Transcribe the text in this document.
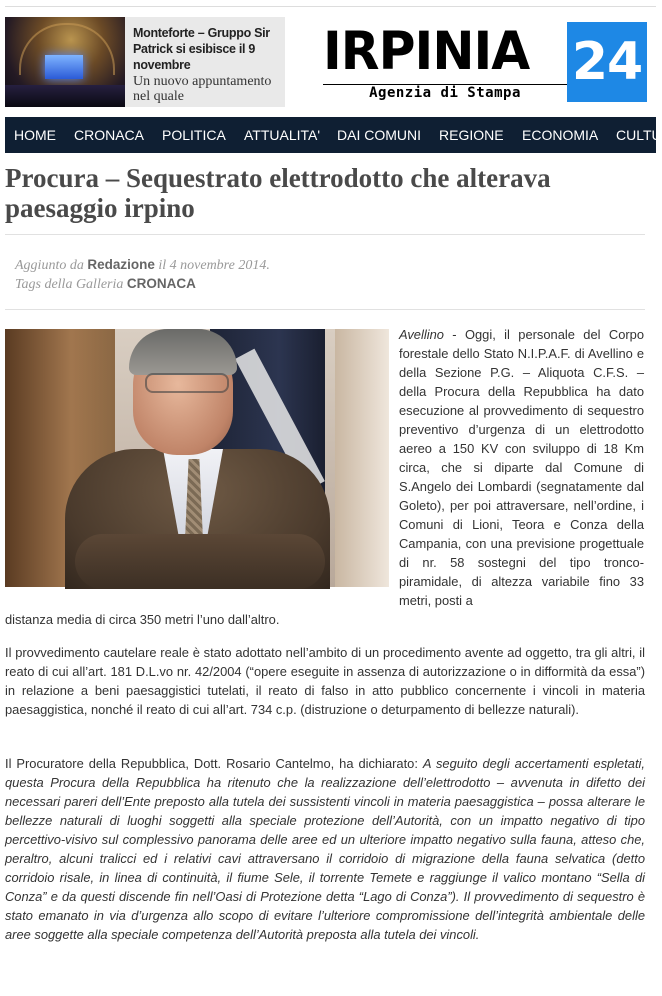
Monteforte – Gruppo Sir Patrick si esibisce il 9 novembre
Un nuovo appuntamento nel quale
IRPINIA 24
Agenzia di Stampa
HOME CRONACA POLITICA ATTUALITA' DAI COMUNI REGIONE ECONOMIA CULTU
Procura – Sequestrato elettrodotto che alterava paesaggio irpino
Aggiunto da Redazione il 4 novembre 2014.
Tags della Galleria CRONACA

Avellino - Oggi, il personale del Corpo forestale dello Stato N.I.P.A.F. di Avellino e della Sezione P.G. – Aliquota C.F.S. – della Procura della Repubblica ha dato esecuzione al provvedimento di sequestro preventivo d’urgenza di un elettrodotto aereo a 150 KV con sviluppo di 18 Km circa, che si diparte dal Comune di S.Angelo dei Lombardi (segnatamente dal Goleto), per poi attraversare, nell’ordine, i Comuni di Lioni, Teora e Conza della Campania, con una previsione progettuale di nr. 58 sostegni del tipo tronco-piramidale, di altezza variabile fino 33 metri, posti a

distanza media di circa 350 metri l’uno dall’altro.

Il provvedimento cautelare reale è stato adottato nell’ambito di un procedimento avente ad oggetto, tra gli altri, il reato di cui all’art. 181 D.L.vo nr. 42/2004 (“opere eseguite in assenza di autorizzazione o in difformità da essa”) in relazione a beni paesaggistici tutelati, il reato di falso in atto pubblico concernente i vincoli in materia paesaggistica, nonché il reato di cui all’art. 734 c.p. (distruzione o deturpamento di bellezze naturali).

Il Procuratore della Repubblica, Dott. Rosario Cantelmo, ha dichiarato: A seguito degli accertamenti espletati, questa Procura della Repubblica ha ritenuto che la realizzazione dell’elettrodotto – avvenuta in difetto dei necessari pareri dell’Ente preposto alla tutela dei sussistenti vincoli in materia paesaggistica – possa alterare le bellezze naturali di luoghi soggetti alla speciale protezione dell’Autorità, con un impatto negativo di tipo percettivo-visivo sul complessivo panorama delle aree ed un ulteriore impatto negativo sulla fauna, atteso che, peraltro, alcuni tralicci ed i relativi cavi attraversano il corridoio di migrazione della fauna selvatica (detto corridoio risale, in linea di continuità, il fiume Sele, il torrente Temete e raggiunge il valico montano “Sella di Conza” e da questi discende fin nell’Oasi di Protezione detta “Lago di Conza”). Il provvedimento di sequestro è stato emanato in via d’urgenza allo scopo di evitare l’ulteriore compromissione dell’integrità ambientale delle aree soggette alla speciale competenza dell’Autorità preposta alla tutela dei vincoli.
